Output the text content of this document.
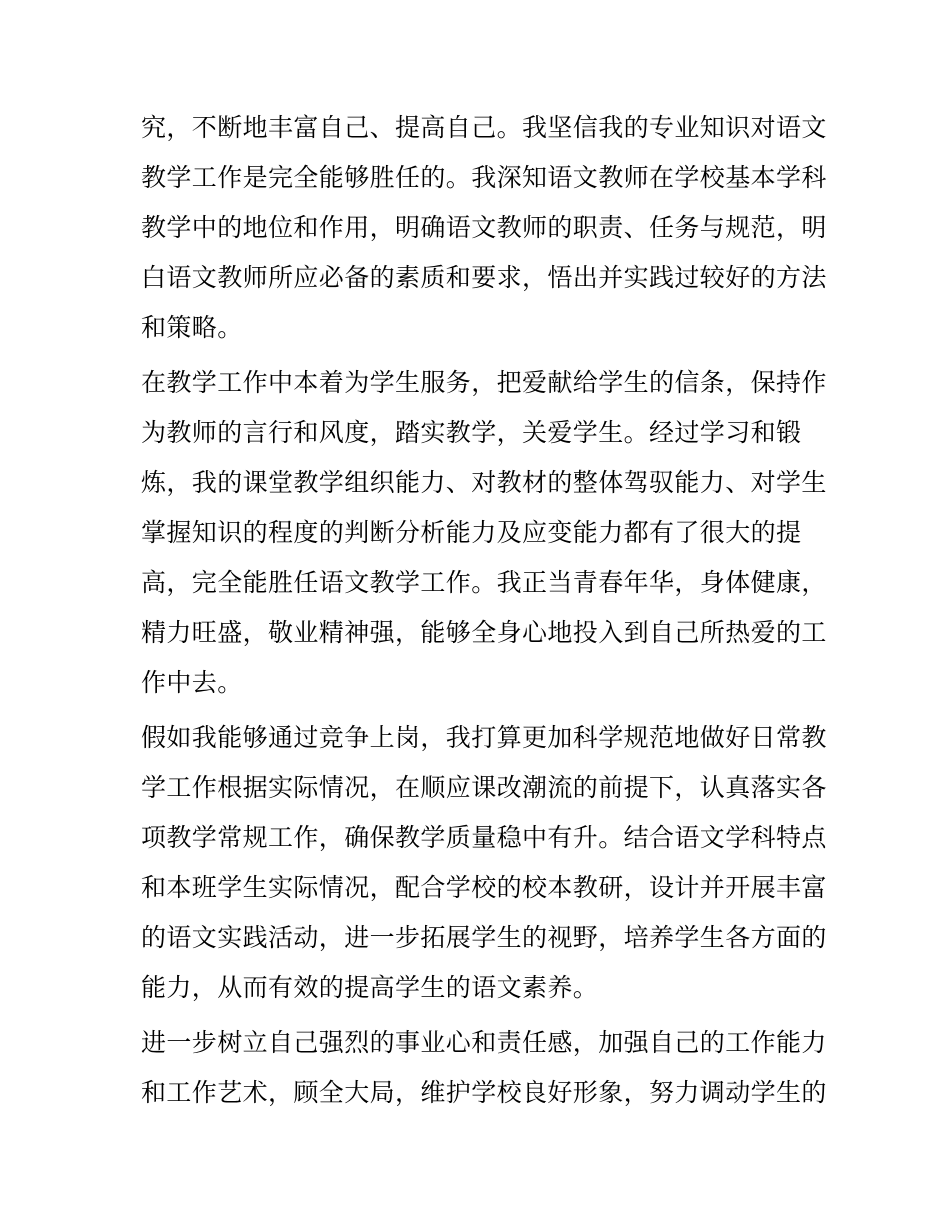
究，不断地丰富自己、提高自己。我坚信我的专业知识对语文
教学工作是完全能够胜任的。我深知语文教师在学校基本学科
教学中的地位和作用，明确语文教师的职责、任务与规范，明
白语文教师所应必备的素质和要求，悟出并实践过较好的方法
和策略。
在教学工作中本着为学生服务，把爱献给学生的信条，保持作
为教师的言行和风度，踏实教学，关爱学生。经过学习和锻
炼，我的课堂教学组织能力、对教材的整体驾驭能力、对学生
掌握知识的程度的判断分析能力及应变能力都有了很大的提
高，完全能胜任语文教学工作。我正当青春年华，身体健康，
精力旺盛，敬业精神强，能够全身心地投入到自己所热爱的工
作中去。
假如我能够通过竞争上岗，我打算更加科学规范地做好日常教
学工作根据实际情况，在顺应课改潮流的前提下，认真落实各
项教学常规工作，确保教学质量稳中有升。结合语文学科特点
和本班学生实际情况，配合学校的校本教研，设计并开展丰富
的语文实践活动，进一步拓展学生的视野，培养学生各方面的
能力，从而有效的提高学生的语文素养。
进一步树立自己强烈的事业心和责任感，加强自己的工作能力
和工作艺术，顾全大局，维护学校良好形象，努力调动学生的
